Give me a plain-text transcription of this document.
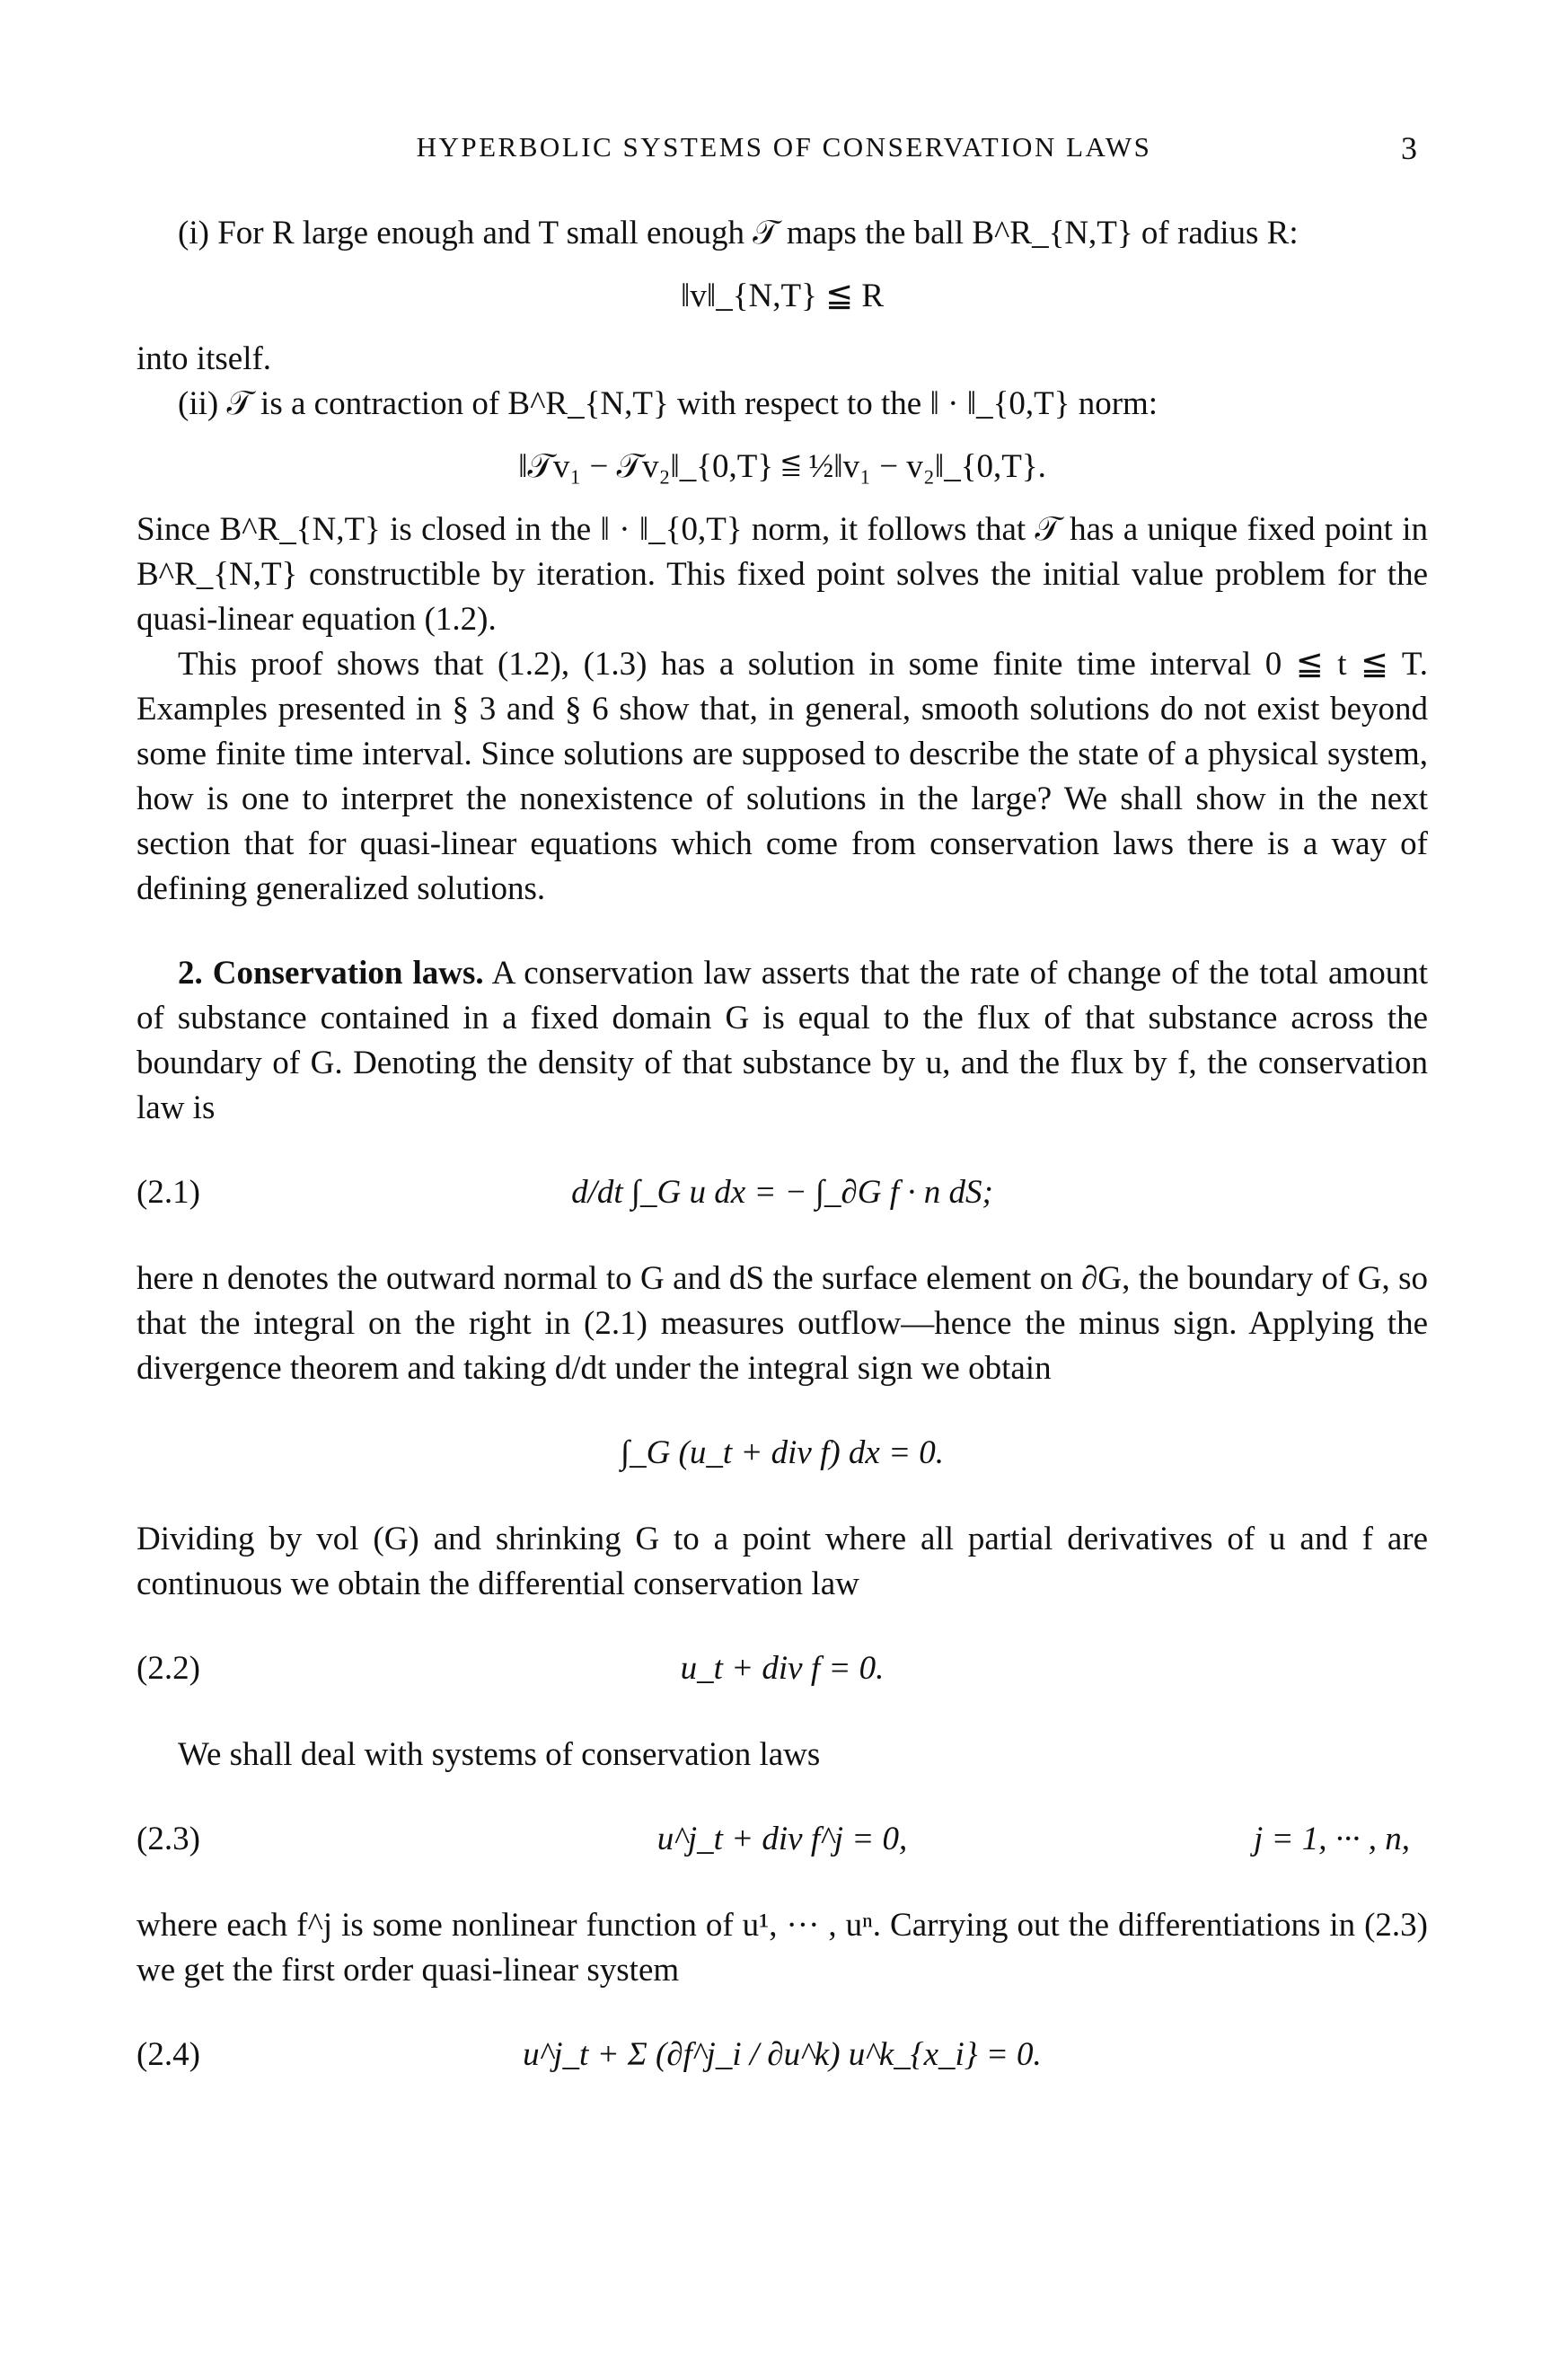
HYPERBOLIC SYSTEMS OF CONSERVATION LAWS	3

(i) For R large enough and T small enough 𝒯 maps the ball B^R_{N,T} of radius R:

‖v‖_{N,T} ≦ R

into itself.

(ii) 𝒯 is a contraction of B^R_{N,T} with respect to the ‖ · ‖_{0,T} norm:

‖𝒯v₁ − 𝒯v₂‖_{0,T} ≦ ½‖v₁ − v₂‖_{0,T}.

Since B^R_{N,T} is closed in the ‖ · ‖_{0,T} norm, it follows that 𝒯 has a unique fixed point in B^R_{N,T} constructible by iteration. This fixed point solves the initial value problem for the quasi-linear equation (1.2).

This proof shows that (1.2), (1.3) has a solution in some finite time interval 0 ≦ t ≦ T. Examples presented in § 3 and § 6 show that, in general, smooth solutions do not exist beyond some finite time interval. Since solutions are supposed to describe the state of a physical system, how is one to interpret the nonexistence of solutions in the large? We shall show in the next section that for quasi-linear equations which come from conservation laws there is a way of defining generalized solutions.

2. Conservation laws. A conservation law asserts that the rate of change of the total amount of substance contained in a fixed domain G is equal to the flux of that substance across the boundary of G. Denoting the density of that substance by u, and the flux by f, the conservation law is

(2.1)	d/dt ∫_G u dx = − ∫_∂G f · n dS;

here n denotes the outward normal to G and dS the surface element on ∂G, the boundary of G, so that the integral on the right in (2.1) measures outflow—hence the minus sign. Applying the divergence theorem and taking d/dt under the integral sign we obtain

∫_G (u_t + div f) dx = 0.

Dividing by vol (G) and shrinking G to a point where all partial derivatives of u and f are continuous we obtain the differential conservation law

(2.2)	u_t + div f = 0.

We shall deal with systems of conservation laws

(2.3)	u^j_t + div f^j = 0,	j = 1, ··· , n,

where each f^j is some nonlinear function of u¹, ··· , uⁿ. Carrying out the differentiations in (2.3) we get the first order quasi-linear system

(2.4)	u^j_t + Σ (∂f^j_i / ∂u^k) u^k_{x_i} = 0.
